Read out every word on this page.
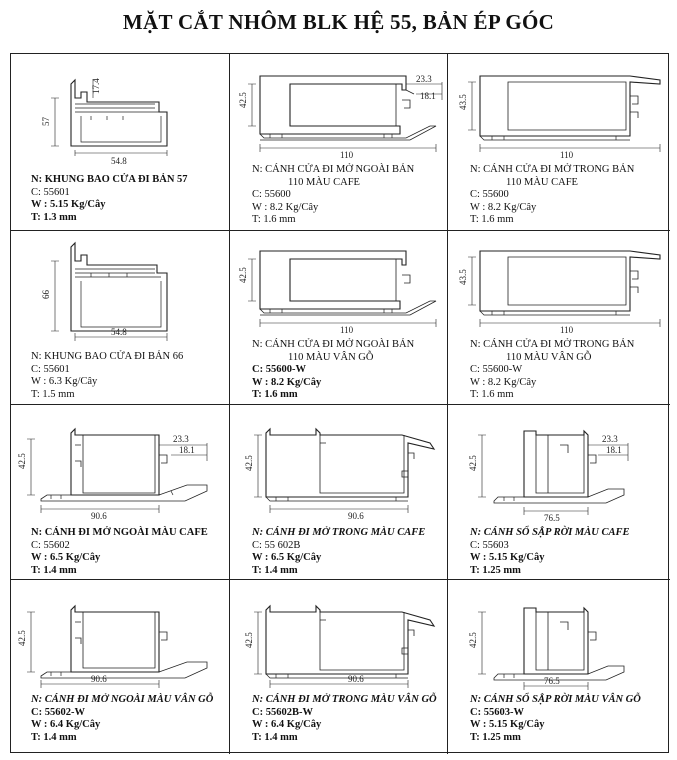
MẶT CẮT NHÔM BLK HỆ 55, BẢN ÉP GÓC
57
17.4
54.8
N: KHUNG BAO CỬA ĐI BẢN 57
C: 55601
W : 5.15 Kg/Cây
T: 1.3 mm
42.5
23.3
18.1
110
N: CÁNH CỬA ĐI MỞ NGOÀI BẢN
110 MÀU CAFE
C: 55600
W : 8.2 Kg/Cây
T: 1.6 mm
43.5
110
N: CÁNH CỬA ĐI MỞ TRONG BẢN
110 MÀU CAFE
C: 55600
W : 8.2 Kg/Cây
T: 1.6 mm
66
54.8
N: KHUNG BAO CỬA ĐI BẢN 66
C: 55601
W : 6.3 Kg/Cây
T: 1.5 mm
42.5
110
N: CÁNH CỬA ĐI MỞ NGOÀI BẢN
110 MÀU VÂN GỖ
C: 55600-W
W : 8.2 Kg/Cây
T: 1.6 mm
43.5
110
N: CÁNH CỬA ĐI MỞ TRONG BẢN
110 MÀU VÂN GỖ
C: 55600-W
W : 8.2 Kg/Cây
T: 1.6 mm
42.5
23.3
18.1
90.6
N: CÁNH ĐI MỞ NGOÀI MÀU CAFE
C: 55602
W : 6.5 Kg/Cây
T: 1.4 mm
42.5
90.6
N: CÁNH ĐI MỞ TRONG MÀU CAFE
C: 55 602B
W : 6.5 Kg/Cây
T: 1.4 mm
42.5
23.3
18.1
76.5
N: CÁNH SỔ SẬP RỜI MÀU CAFE
C: 55603
W : 5.15 Kg/Cây
T: 1.25 mm
42.5
90.6
N: CÁNH ĐI MỞ NGOÀI MÀU VÂN GỖ
C: 55602-W
W : 6.4 Kg/Cây
T: 1.4 mm
42.5
90.6
N: CÁNH ĐI MỞ TRONG MÀU VÂN GỖ
C: 55602B-W
W : 6.4 Kg/Cây
T: 1.4 mm
42.5
76.5
N: CÁNH SỔ SẬP RỜI MÀU VÂN GỖ
C: 55603-W
W : 5.15 Kg/Cây
T: 1.25 mm
